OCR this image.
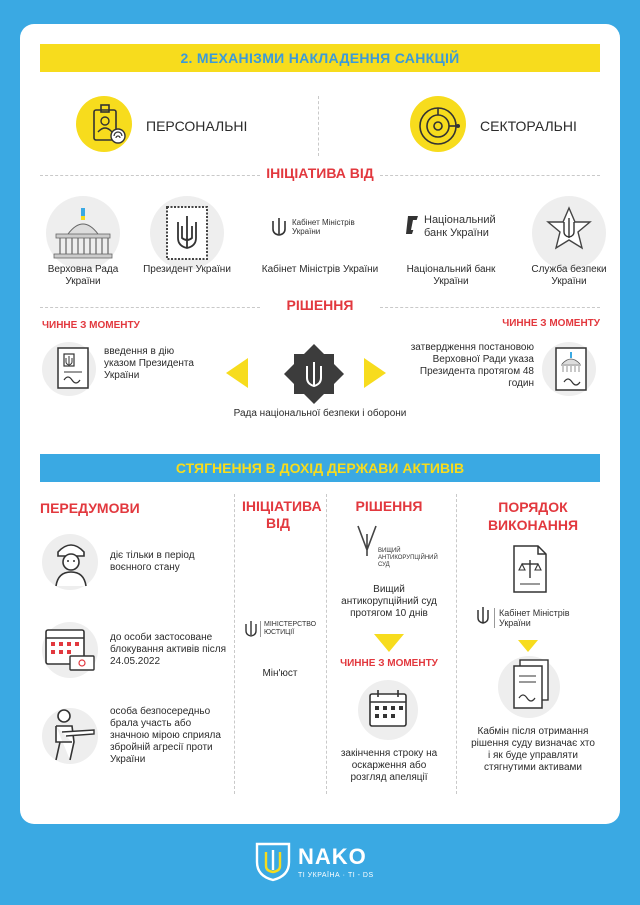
2. МЕХАНІЗМИ НАКЛАДЕННЯ САНКЦІЙ
ПЕРСОНАЛЬНІ	СЕКТОРАЛЬНІ
ІНІЦІАТИВА ВІД
Верховна Рада України
Президент України
Кабінет Міністрів України
Кабінет Міністрів України
Національний банк України
Національний банк України
Служба безпеки України
РІШЕННЯ
ЧИННЕ З МОМЕНТУ
введення в дію указом Президента України
Рада національної безпеки і оборони
ЧИННЕ З МОМЕНТУ
затвердження постановою Верховної Ради указа Президента протягом 48 годин
СТЯГНЕННЯ В ДОХІД ДЕРЖАВИ АКТИВІВ
ПЕРЕДУМОВИ
діє тільки в період воєнного стану
до особи застосоване блокування активів після 24.05.2022
особа безпосередньо брала участь або значною мірою сприяла збройній агресії проти України
ІНІЦІАТИВА ВІД
МІНІСТЕРСТВО ЮСТИЦІЇ
Мін'юст
РІШЕННЯ
ВИЩИЙ АНТИКОРУПЦІЙНИЙ СУД
Вищий антикорупційний суд протягом 10 днів
ЧИННЕ З МОМЕНТУ
закінчення строку на оскарження або розгляд апеляції
ПОРЯДОК ВИКОНАННЯ
Кабінет Міністрів України
Кабмін після отримання рішення суду визначає хто і як буде управляти стягнутими активами
NAKO
ТІ УКРАЇНА · TI - DS
